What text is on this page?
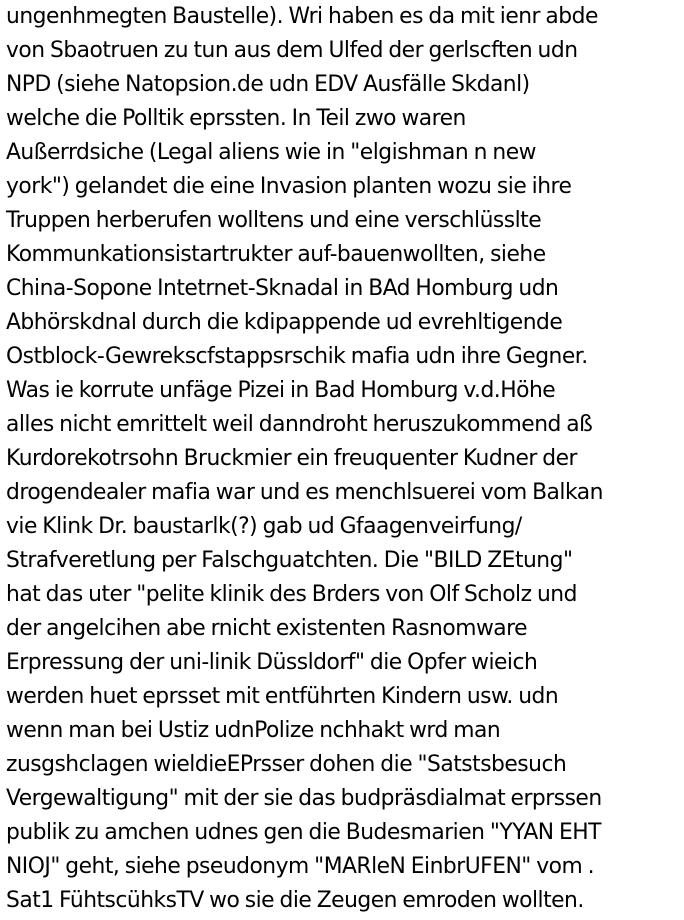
ungenhmegten Baustelle). Wri haben es da mit ienr abde
von Sbaotruen zu tun aus dem Ulfed der gerlscften udn
NPD (siehe Natopsion.de udn EDV Ausfälle Skdanl)
welche die Polltik eprssten. In Teil zwo waren
Außerrdsiche (Legal aliens wie in "elgishman n new
york") gelandet die eine Invasion planten wozu sie ihre
Truppen herberufen wolltens und eine verschlüsslte
Kommunkationsistartrukter auf-bauenwollten, siehe
China-Sopone Intetrnet-Sknadal in BAd Homburg udn
Abhörskdnal durch die kdipappende ud evrehltigende
Ostblock-Gewrekscfstappsrschik mafia udn ihre Gegner.
Was ie korrute unfäge Pizei in Bad Homburg v.d.Höhe
alles nicht emrittelt weil danndroht heruszukommend aß
Kurdorekotrsohn Bruckmier ein freuquenter Kudner der
drogendealer mafia war und es menchlsuerei vom Balkan
vie Klink Dr. baustarlk(?) gab ud Gfaagenveirfung/
Strafveretlung per Falschguatchten. Die "BILD ZEtung"
hat das uter "pelite klinik des Brders von Olf Scholz und
der angelcihen abe rnicht existenten Rasnomware
Erpressung der uni-linik Düssldorf" die Opfer wieich
werden huet eprsset mit entführten Kindern usw. udn
wenn man bei Ustiz udnPolize nchhakt wrd man
zusgshclagen wieldieEPrsser dohen die "Satstsbesuch
Vergewaltigung" mit der sie das budpräsdialmat erprssen
publik zu amchen udnes gen die Budesmarien "YYAN EHT
NIOJ" geht, siehe pseudonym "MARleN EinbrUFEN" vom .
Sat1 FühtscühksTV wo sie die Zeugen emroden wollten.
